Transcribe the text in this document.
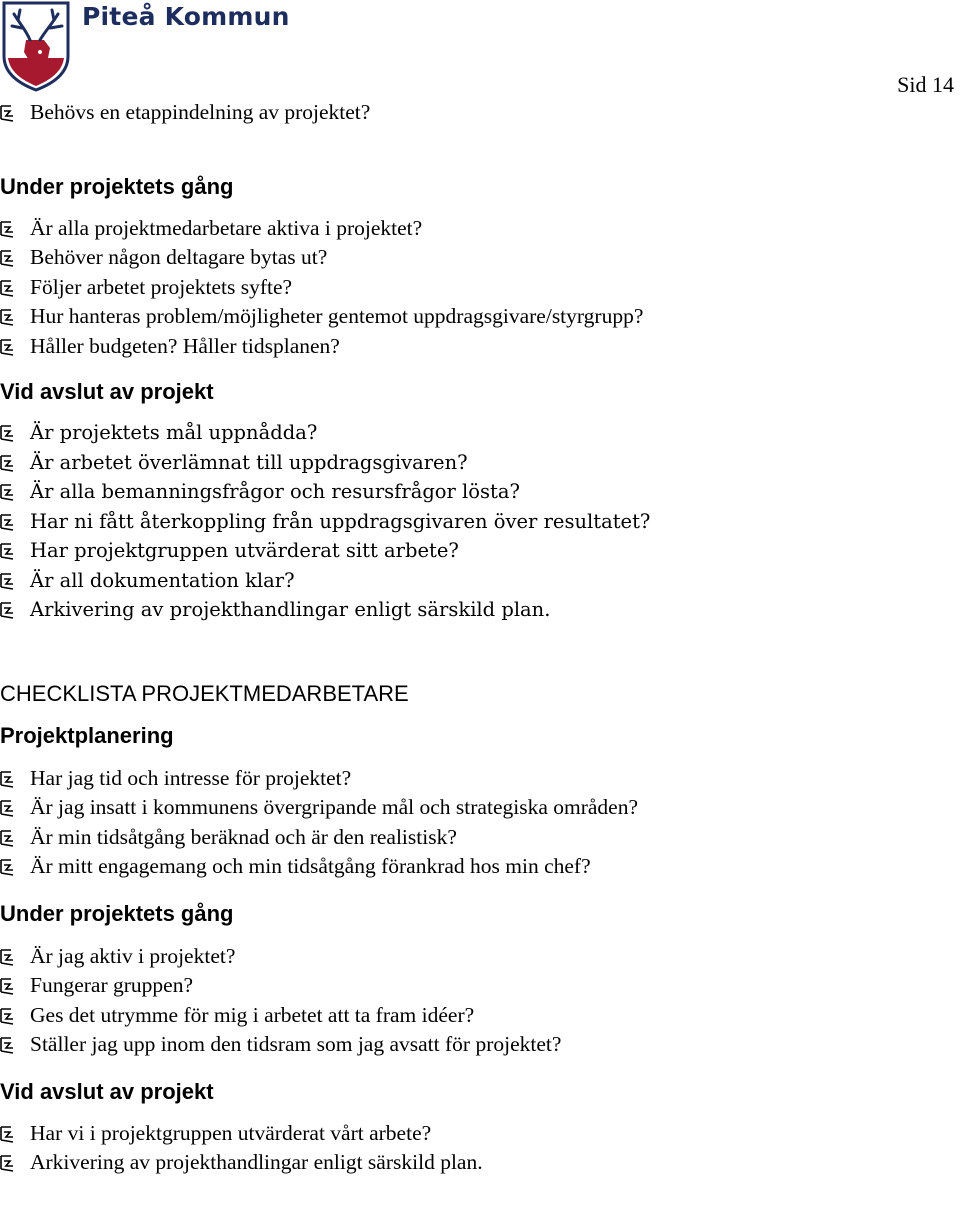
Piteå Kommun
Sid 14
Behövs en etappindelning av projektet?
Under projektets gång
Är alla projektmedarbetare aktiva i projektet?
Behöver någon deltagare bytas ut?
Följer arbetet projektets syfte?
Hur hanteras problem/möjligheter gentemot uppdragsgivare/styrgrupp?
Håller budgeten? Håller tidsplanen?
Vid avslut av projekt
Är projektets mål uppnådda?
Är arbetet överlämnat till uppdragsgivaren?
Är alla bemanningsfrågor och resursfrågor lösta?
Har ni fått återkoppling från uppdragsgivaren över resultatet?
Har projektgruppen utvärderat sitt arbete?
Är all dokumentation klar?
Arkivering av projekthandlingar enligt särskild plan.
CHECKLISTA PROJEKTMEDARBETARE
Projektplanering
Har jag tid och intresse för projektet?
Är jag insatt i kommunens övergripande mål och strategiska områden?
Är min tidsåtgång beräknad och är den realistisk?
Är mitt engagemang och min tidsåtgång förankrad hos min chef?
Under projektets gång
Är jag aktiv i projektet?
Fungerar gruppen?
Ges det utrymme för mig i arbetet att ta fram idéer?
Ställer jag upp inom den tidsram som jag avsatt för projektet?
Vid avslut av projekt
Har vi i projektgruppen utvärderat vårt arbete?
Arkivering av projekthandlingar enligt särskild plan.
